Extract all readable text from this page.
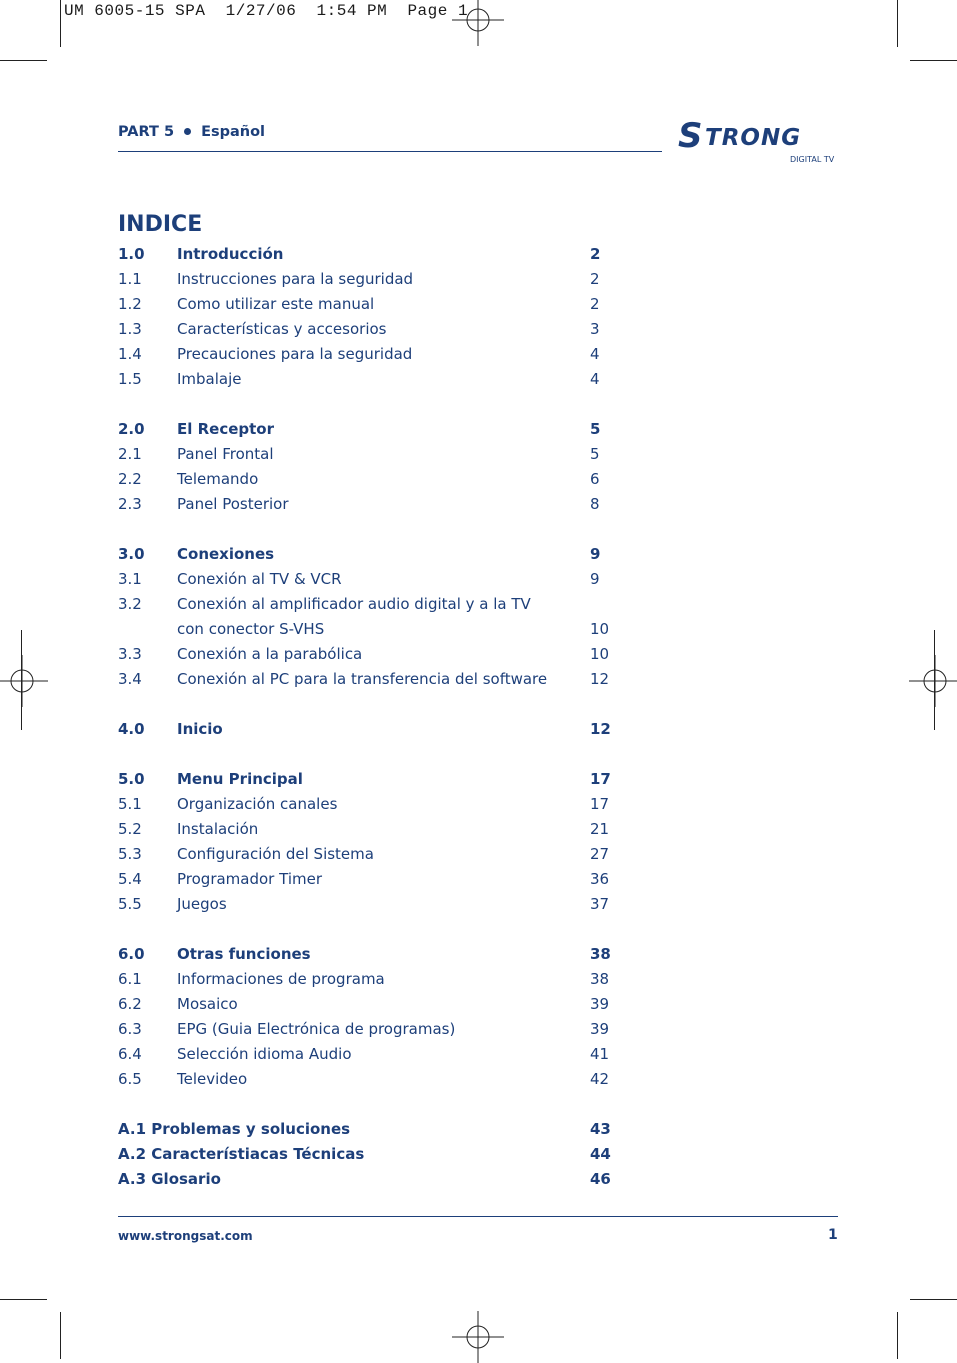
UM 6005-15 SPA  1/27/06  1:54 PM  Page 1
PART 5 Español	S TRONG
DIGITAL TV
INDICE
1.0 Introducción	2
1.1 Instrucciones para la seguridad	2
1.2 Como utilizar este manual	2
1.3 Características y accesorios	3
1.4 Precauciones para la seguridad	4
1.5 Imbalaje	4
2.0 El Receptor	5
2.1 Panel Frontal	5
2.2 Telemando	6
2.3 Panel Posterior	8
3.0 Conexiones	9
3.1 Conexión al TV & VCR	9
3.2 Conexión al amplificador audio digital y a la TV
con conector S-VHS	10
3.3 Conexión a la parabólica	10
3.4 Conexión al PC para la transferencia del software	12
4.0 Inicio	12
5.0 Menu Principal	17
5.1 Organización canales	17
5.2 Instalación	21
5.3 Configuración del Sistema	27
5.4 Programador Timer	36
5.5 Juegos	37
6.0 Otras funciones	38
6.1 Informaciones de programa	38
6.2 Mosaico	39
6.3 EPG (Guia Electrónica de programas)	39
6.4 Selección idioma Audio	41
6.5 Televideo	42
A.1 Problemas y soluciones	43
A.2 Característiacas Técnicas	44
A.3 Glosario	46
www.strongsat.com	1
